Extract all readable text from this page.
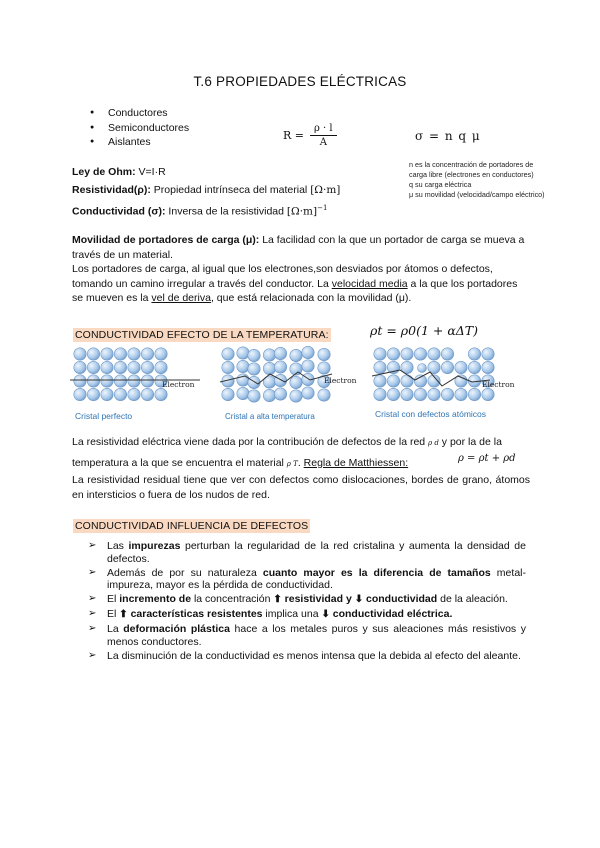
T.6 PROPIEDADES ELÉCTRICAS
● Conductores
● Semiconductores
● Aislantes	$R = \frac{\rho \cdot l}{A}$	σ = n q μ
n es la concentración de portadores de
carga libre (electrones en conductores)
q su carga eléctrica
μ su movilidad (velocidad/campo eléctrico)
Ley de Ohm: V=I·R
Resistividad(ρ): Propiedad intrínseca del material [Ω·m]
Conductividad (σ): Inversa de la resistividad $[\Omega\cdot m]^{-1}$
Movilidad de portadores de carga (μ): La facilidad con la que un portador de carga se mueva a través de un material.
Los portadores de carga, al igual que los electrones,son desviados por átomos o defectos, tomando un camino irregular a través del conductor. La velocidad media a la que los portadores se mueven es la vel de deriva, que está relacionada con la movilidad (μ).
CONDUCTIVIDAD EFECTO DE LA TEMPERATURA:	ρt = ρ0(1 + αΔT)
Electron	Electron	Electron
Cristal perfecto	Cristal a alta temperatura	Cristal con defectos atómicos
La resistividad eléctrica viene dada por la contribución de defectos de la red ρ d y por la de la temperatura a la que se encuentra el material ρ T. Regla de Matthiessen:	ρ = ρt + ρd
La resistividad residual tiene que ver con defectos como dislocaciones, bordes de grano, átomos en intersticios o fuera de los nudos de red.
CONDUCTIVIDAD INFLUENCIA DE DEFECTOS
➢ Las impurezas perturban la regularidad de la red cristalina y aumenta la densidad de defectos.
➢ Además de por su naturaleza cuanto mayor es la diferencia de tamaños metal-impureza, mayor es la pérdida de conductividad.
➢ El incremento de la concentración ⬆ resistividad y ⬇ conductividad de la aleación.
➢ El ⬆ características resistentes implica una ⬇ conductividad eléctrica.
➢ La deformación plástica hace a los metales puros y sus aleaciones más resistivos y menos conductores.
➢ La disminución de la conductividad es menos intensa que la debida al efecto del aleante.
